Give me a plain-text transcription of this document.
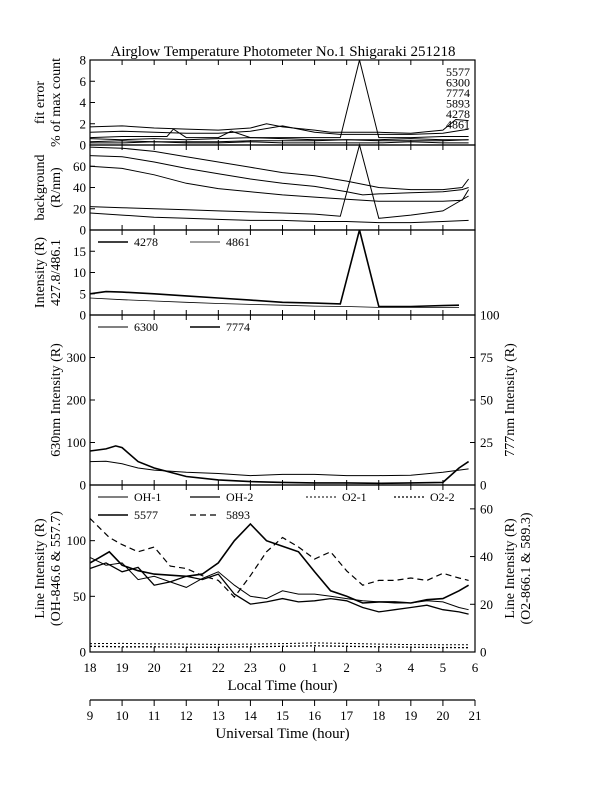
Airglow Temperature Photometer No.1 Shigaraki 251218
0
2
4
6
8
fit error % of max count	5577
6300
7774
5893
4278
4861
0
20
40
60
background (R/nm)
0
5
10
15
Intensity (R) 427.8/486.1	4278	4861
0
100
200
300
0
25
50
75
100
630nm Intensity (R)	777nm Intensity (R)
6300	7774
0
50
100
0
20
40
60
Line Intensity (R) (OH-846.6 & 557.7)	Line Intensity (R) (O2-866.1 & 589.3)
OH-1	OH-2	O2-1	O2-2
5577	5893
18 19 20 21 22 23 0 1 2 3 4 5 6
Local Time (hour)
9 10 11 12 13 14 15 16 17 18 19 20 21
Universal Time (hour)
